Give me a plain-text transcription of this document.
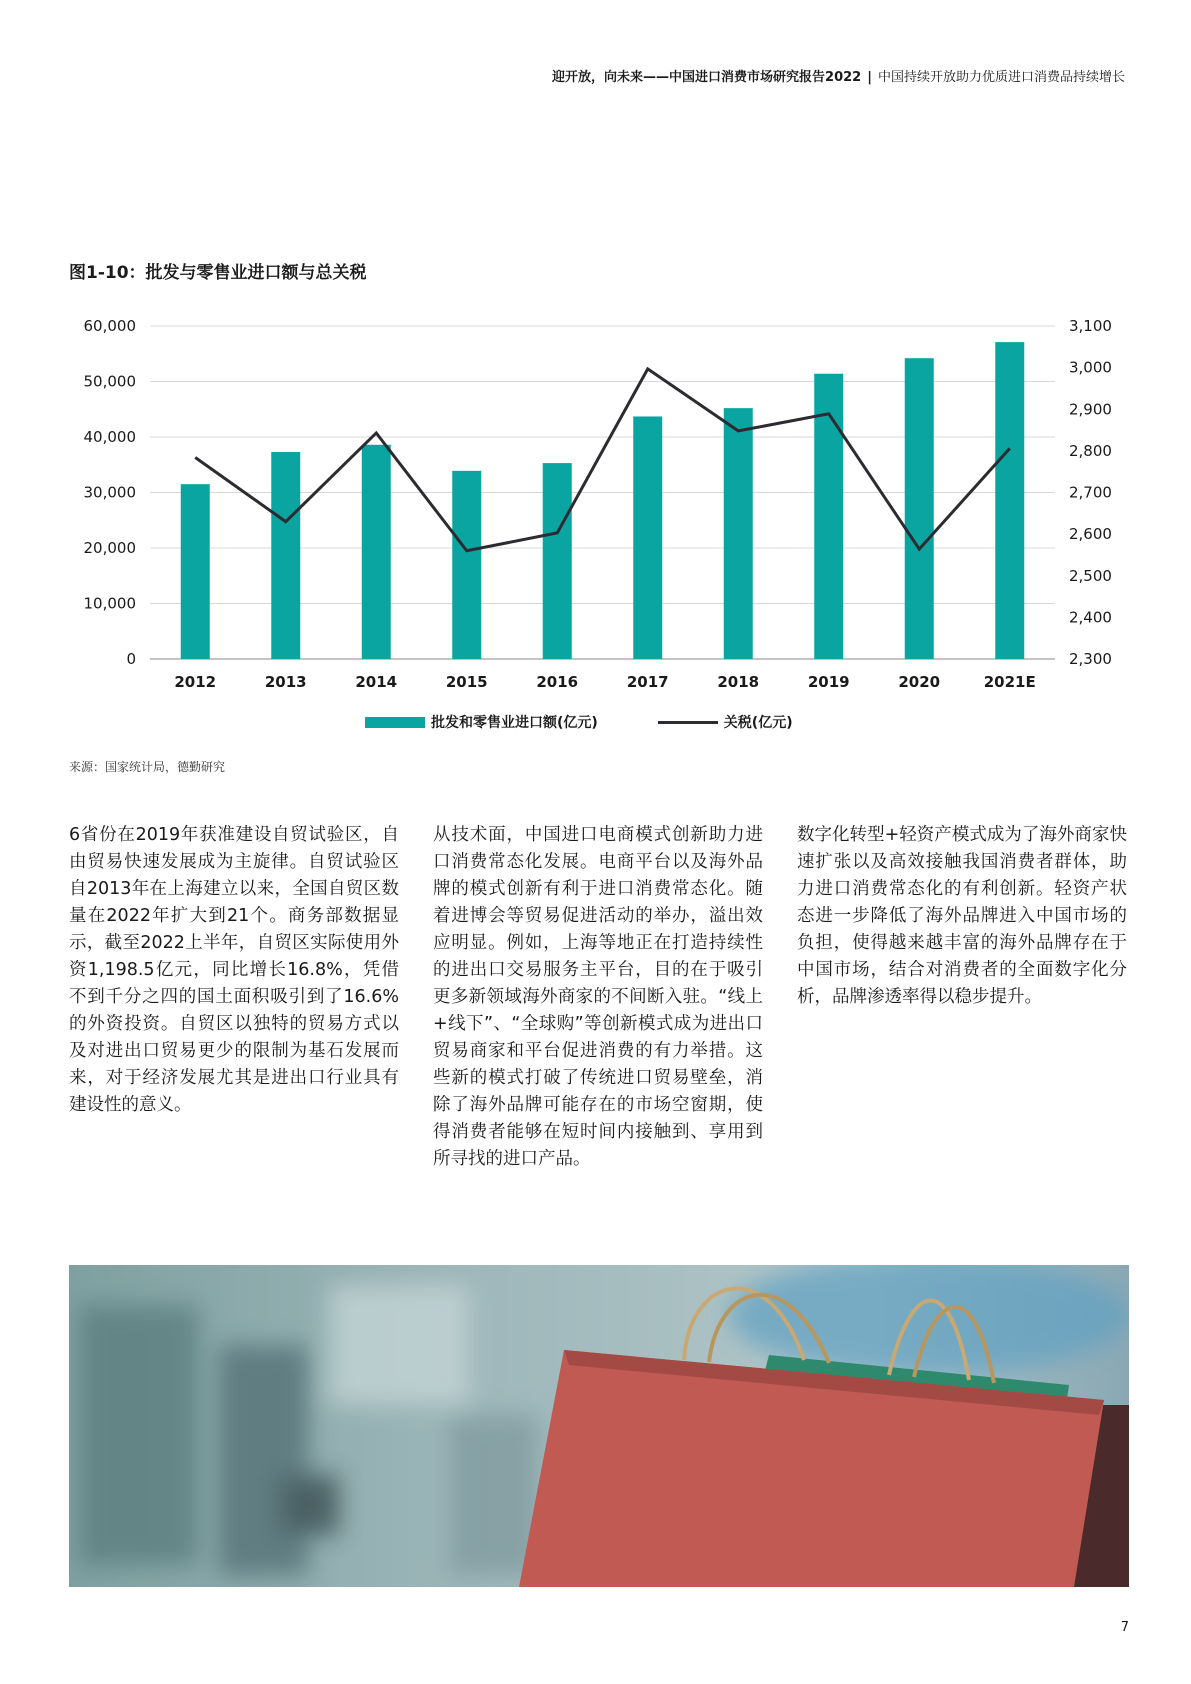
迎开放，向未来——中国进口消费市场研究报告2022 | 中国持续开放助力优质进口消费品持续增长
图1-10：批发与零售业进口额与总关税
0
10,000
20,000
30,000
40,000
50,000
60,000
2,300
2,400
2,500
2,600
2,700
2,800
2,900
3,000
3,100
2012	2013	2014	2015	2016	2017	2018	2019	2020	2021E
批发和零售业进口额(亿元)	关税(亿元)
来源：国家统计局，德勤研究
6省份在2019年获准建设自贸试验区，自由贸易快速发展成为主旋律。自贸试验区自2013年在上海建立以来，全国自贸区数量在2022年扩大到21个。商务部数据显示，截至2022上半年，自贸区实际使用外资1,198.5亿元，同比增长16.8%，凭借不到千分之四的国土面积吸引到了16.6%的外资投资。自贸区以独特的贸易方式以及对进出口贸易更少的限制为基石发展而来，对于经济发展尤其是进出口行业具有建设性的意义。
从技术面，中国进口电商模式创新助力进口消费常态化发展。电商平台以及海外品牌的模式创新有利于进口消费常态化。随着进博会等贸易促进活动的举办，溢出效应明显。例如，上海等地正在打造持续性的进出口交易服务主平台，目的在于吸引更多新领域海外商家的不间断入驻。“线上+线下”、“全球购”等创新模式成为进出口贸易商家和平台促进消费的有力举措。这些新的模式打破了传统进口贸易壁垒，消除了海外品牌可能存在的市场空窗期，使得消费者能够在短时间内接触到、享用到所寻找的进口产品。
数字化转型+轻资产模式成为了海外商家快速扩张以及高效接触我国消费者群体，助力进口消费常态化的有利创新。轻资产状态进一步降低了海外品牌进入中国市场的负担，使得越来越丰富的海外品牌存在于中国市场，结合对消费者的全面数字化分析，品牌渗透率得以稳步提升。
7
